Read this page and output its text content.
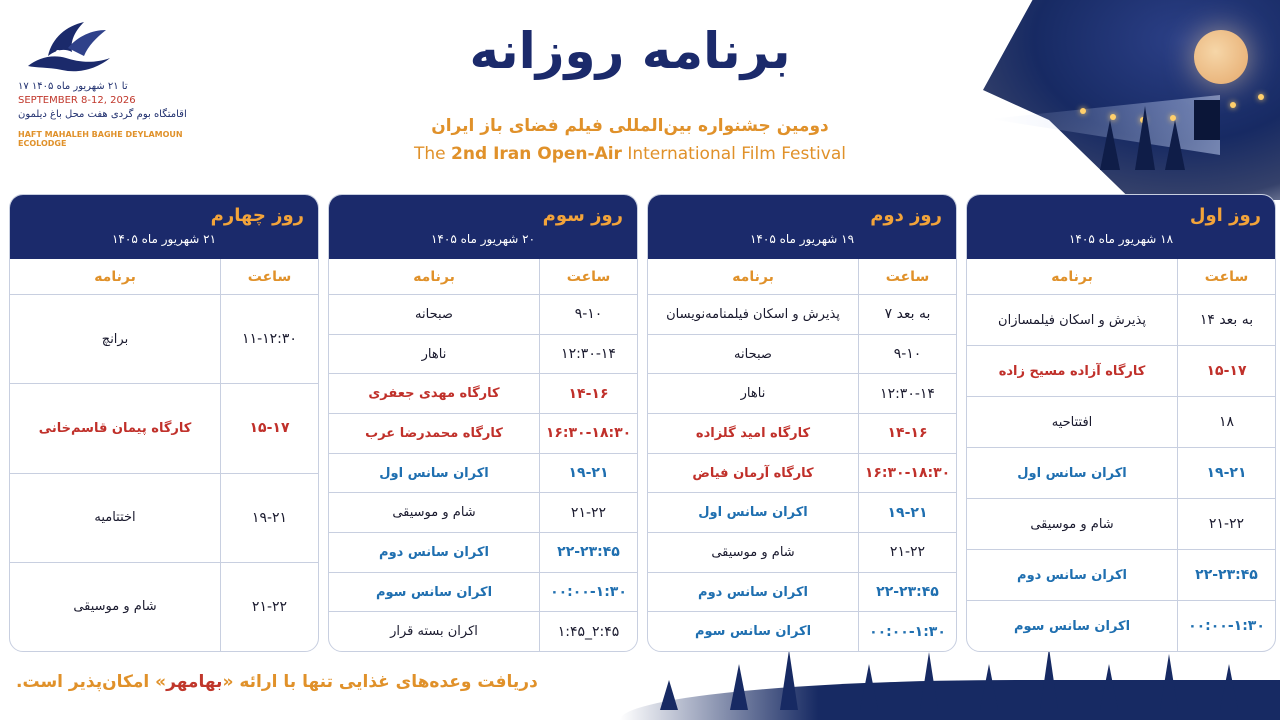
۱۷ تا ۲۱ شهریور ماه ۱۴۰۵
SEPTEMBER 8-12, 2026
اقامتگاه بوم گردی هفت محل باغ دیلمون
HAFT MAHALEH BAGHE DEYLAMOUN ECOLODGE
برنامه روزانه
دومین جشنواره بین‌المللی فیلم فضای باز ایران
The 2nd Iran Open-Air International Film Festival
روز اول
۱۸ شهریور ماه ۱۴۰۵
ساعت
برنامه
۱۴ به بعد
پذیرش و اسکان فیلمسازان
۱۵-۱۷
کارگاه آزاده مسیح زاده
۱۸
افتتاحیه
۱۹-۲۱
اکران سانس اول
۲۱-۲۲
شام و موسیقی
۲۲-۲۳:۴۵
اکران سانس دوم
۰۰:۰۰-۱:۳۰
اکران سانس سوم
روز دوم
۱۹ شهریور ماه ۱۴۰۵
ساعت
برنامه
۷ به بعد
پذیرش و اسکان فیلمنامه‌نویسان
۹-۱۰
صبحانه
۱۲:۳۰-۱۴
ناهار
۱۴-۱۶
کارگاه امید گلزاده
۱۶:۳۰-۱۸:۳۰
کارگاه آرمان فیاض
۱۹-۲۱
اکران سانس اول
۲۱-۲۲
شام و موسیقی
۲۲-۲۳:۴۵
اکران سانس دوم
۰۰:۰۰-۱:۳۰
اکران سانس سوم
روز سوم
۲۰ شهریور ماه ۱۴۰۵
ساعت
برنامه
۹-۱۰
صبحانه
۱۲:۳۰-۱۴
ناهار
۱۴-۱۶
کارگاه مهدی جعفری
۱۶:۳۰-۱۸:۳۰
کارگاه محمدرضا عرب
۱۹-۲۱
اکران سانس اول
۲۱-۲۲
شام و موسیقی
۲۲-۲۳:۴۵
اکران سانس دوم
۰۰:۰۰-۱:۳۰
اکران سانس سوم
۱:۴۵_۲:۴۵
اکران بسته قرار
روز چهارم
۲۱ شهریور ماه ۱۴۰۵
ساعت
برنامه
۱۱-۱۲:۳۰
برانچ
۱۵-۱۷
کارگاه پیمان قاسم‌خانی
۱۹-۲۱
اختتامیه
۲۱-۲۲
شام و موسیقی
دریافت وعده‌های غذایی تنها با ارائه «بهامهر» امکان‌پذیر است.
